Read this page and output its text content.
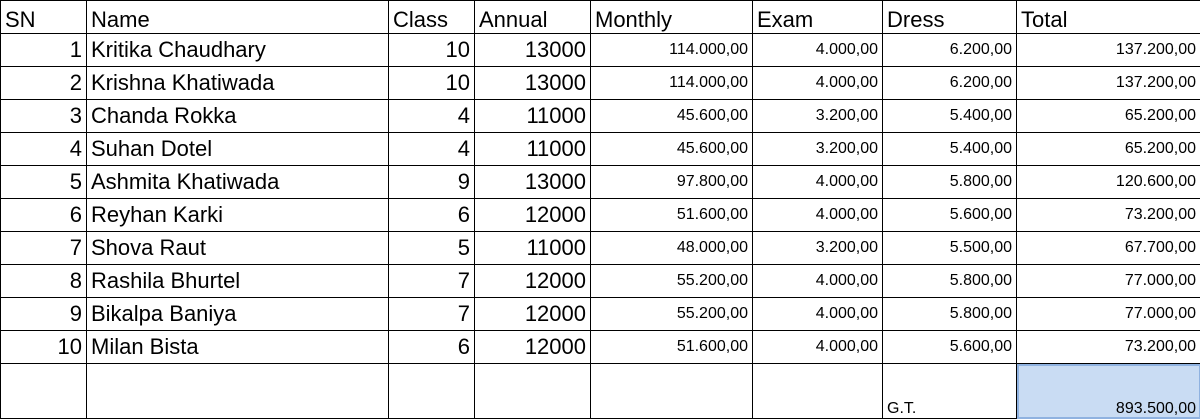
SN	Name	Class	Annual	Monthly	Exam	Dress	Total
1	Kritika Chaudhary	10	13000	114.000,00	4.000,00	6.200,00	137.200,00
2	Krishna Khatiwada	10	13000	114.000,00	4.000,00	6.200,00	137.200,00
3	Chanda Rokka	4	11000	45.600,00	3.200,00	5.400,00	65.200,00
4	Suhan Dotel	4	11000	45.600,00	3.200,00	5.400,00	65.200,00
5	Ashmita Khatiwada	9	13000	97.800,00	4.000,00	5.800,00	120.600,00
6	Reyhan Karki	6	12000	51.600,00	4.000,00	5.600,00	73.200,00
7	Shova Raut	5	11000	48.000,00	3.200,00	5.500,00	67.700,00
8	Rashila Bhurtel	7	12000	55.200,00	4.000,00	5.800,00	77.000,00
9	Bikalpa Baniya	7	12000	55.200,00	4.000,00	5.800,00	77.000,00
10	Milan Bista	6	12000	51.600,00	4.000,00	5.600,00	73.200,00
						G.T.	893.500,00
